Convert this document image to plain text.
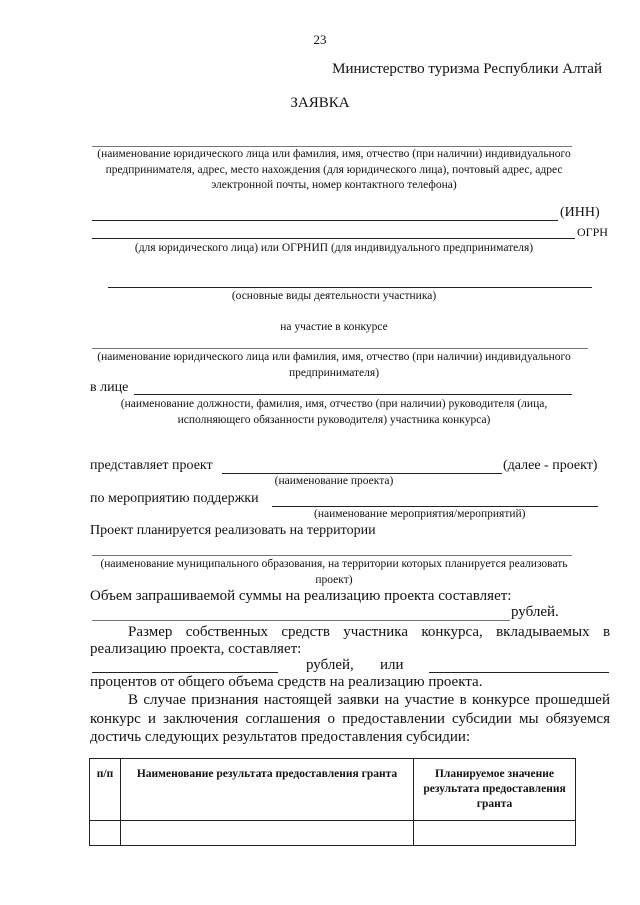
23
Министерство туризма Республики Алтай
ЗАЯВКА
(наименование юридического лица или фамилия, имя, отчество (при наличии) индивидуального предпринимателя, адрес, место нахождения (для юридического лица), почтовый адрес, адрес электронной почты, номер контактного телефона)
(ИНН)
ОГРН
(для юридического лица) или ОГРНИП (для индивидуального предпринимателя)
(основные виды деятельности участника)
на участие в конкурсе
(наименование юридического лица или фамилия, имя, отчество (при наличии) индивидуального предпринимателя)
в лице
(наименование должности, фамилия, имя, отчество (при наличии) руководителя (лица, исполняющего обязанности руководителя) участника конкурса)
представляет проект	(далее - проект)
(наименование проекта)
по мероприятию поддержки
(наименование мероприятия/мероприятий)
Проект планируется реализовать на территории
(наименование муниципального образования, на территории которых планируется реализовать проект)
Объем запрашиваемой суммы на реализацию проекта составляет:
рублей.
Размер собственных средств участника конкурса, вкладываемых в
реализацию проекта, составляет:
рублей, или
процентов от общего объема средств на реализацию проекта.
В случае признания настоящей заявки на участие в конкурсе прошедшей
конкурс и заключения соглашения о предоставлении субсидии мы обязуемся
достичь следующих результатов предоставления субсидии:
п/п	Наименование результата предоставления гранта	Планируемое значение результата предоставления гранта
